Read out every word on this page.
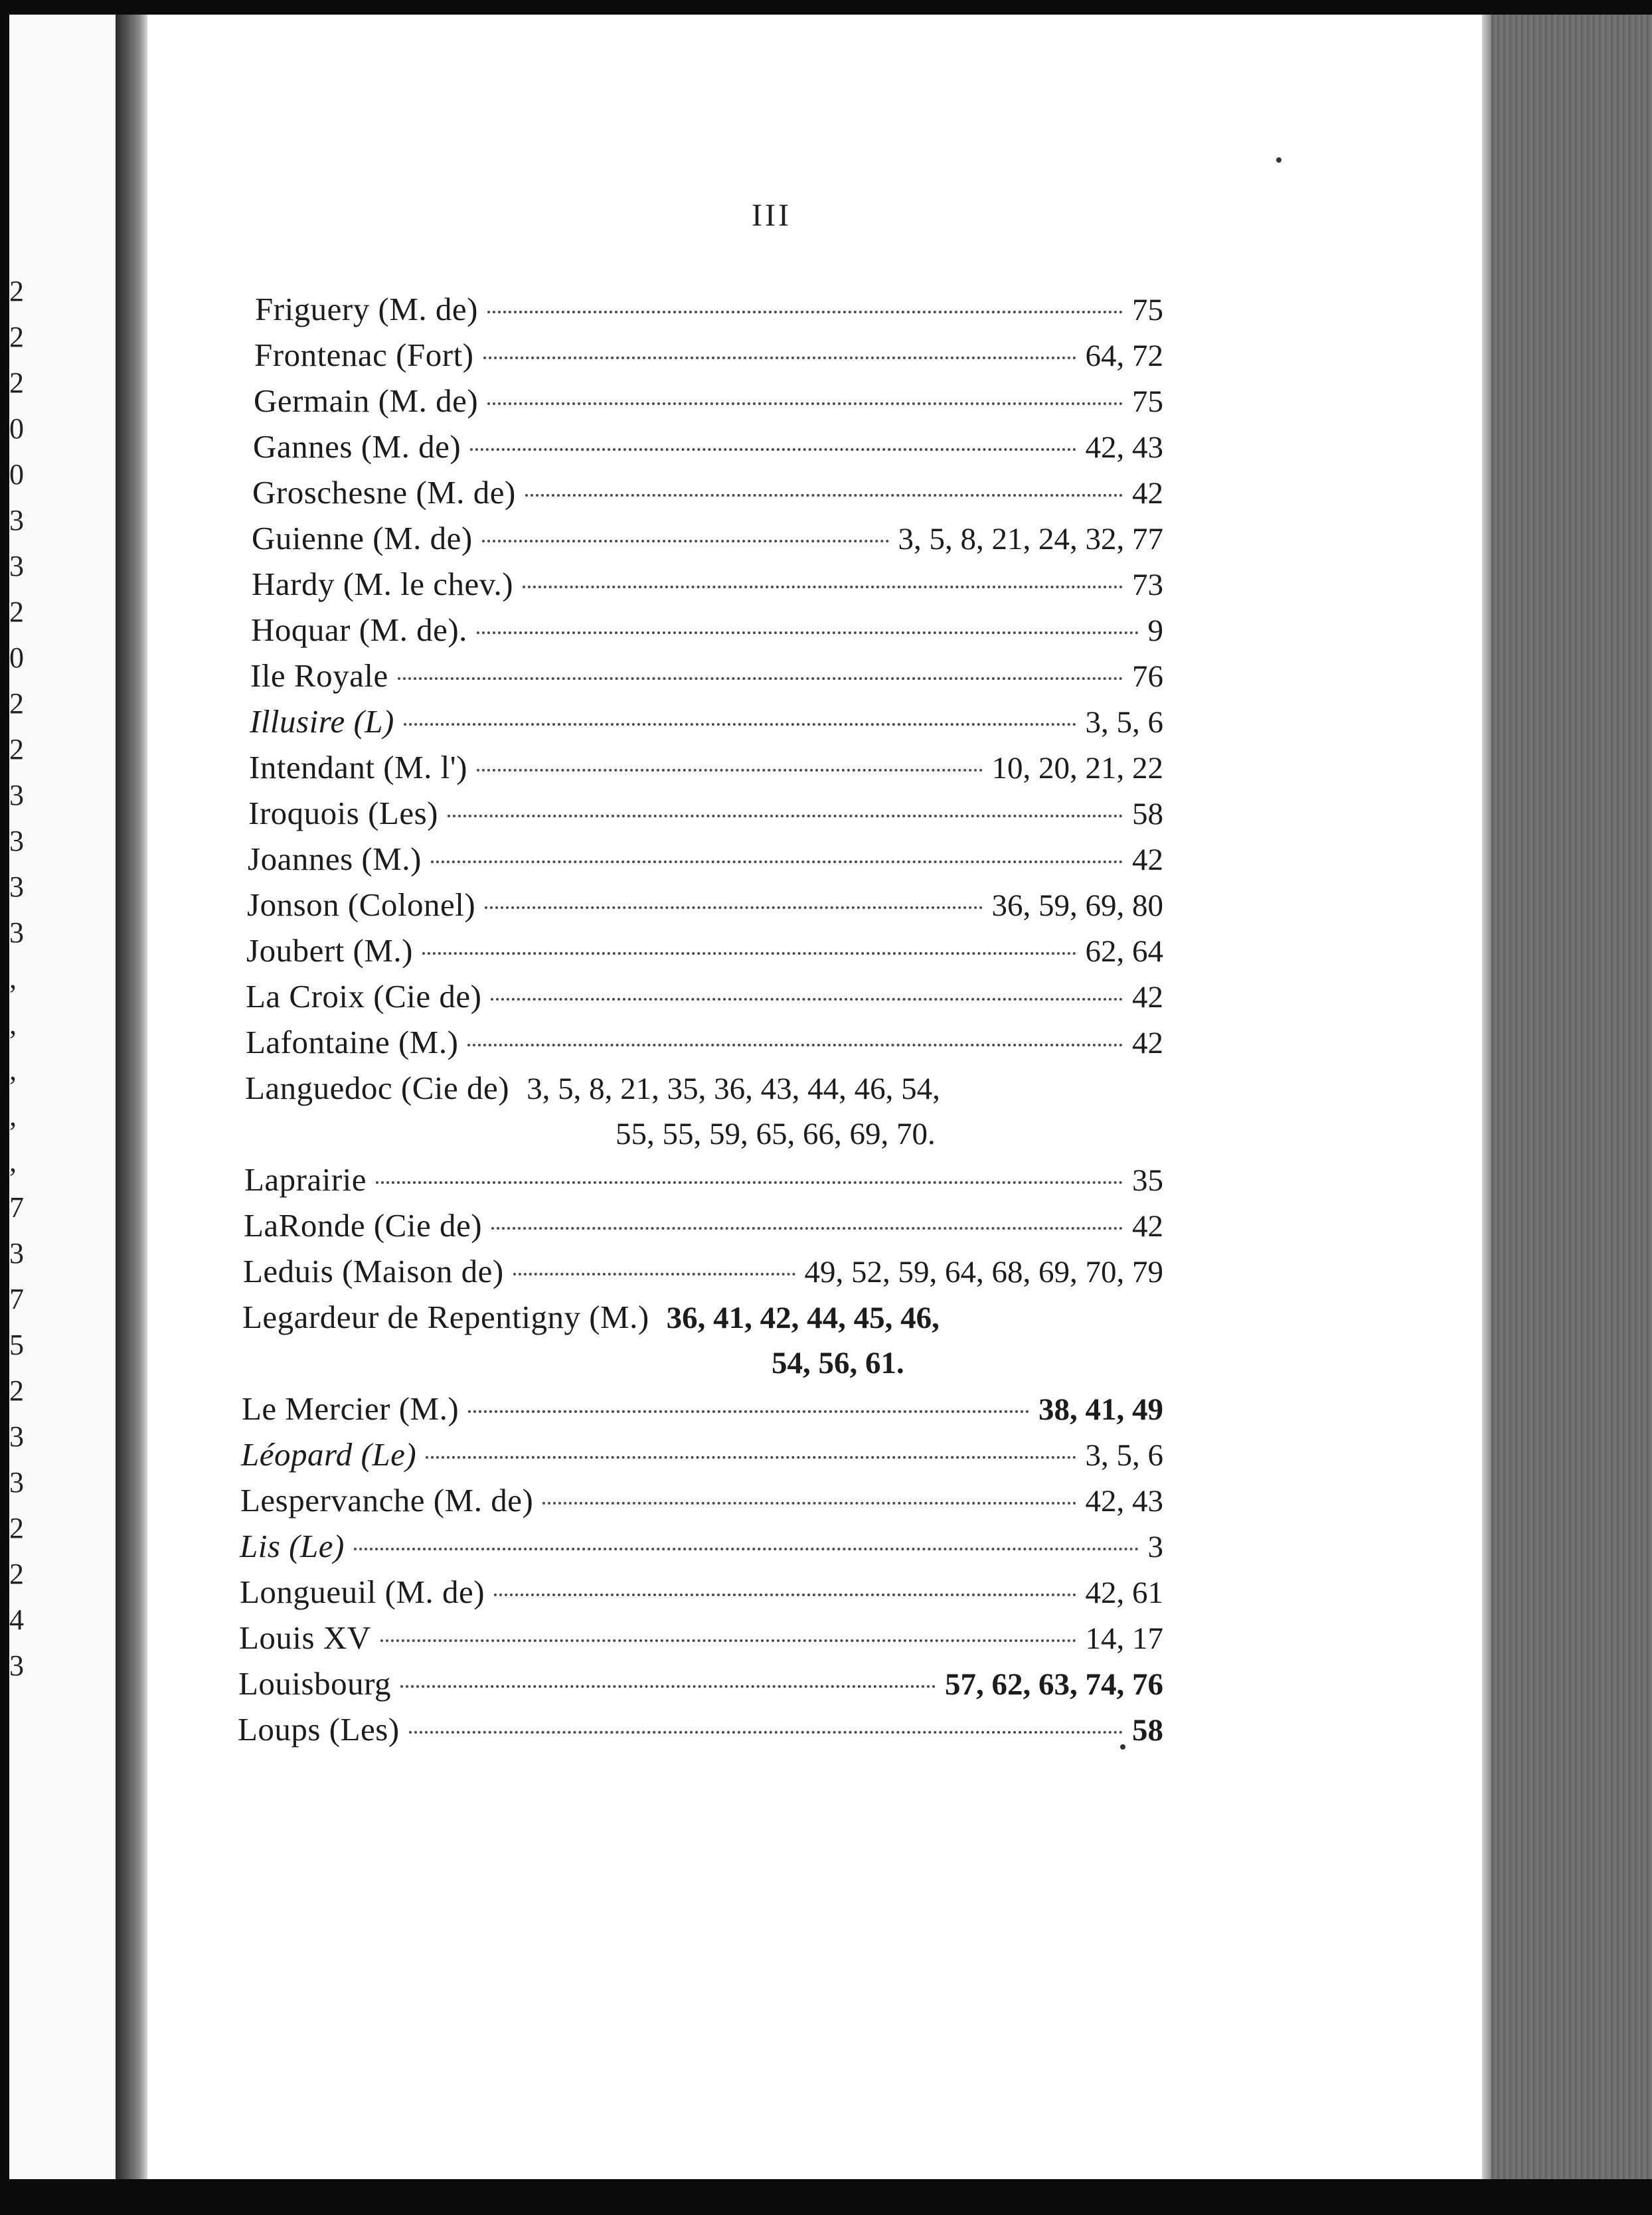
2
2
2
0
0
3
3
2
0
2
2
3
3
3
3
,
,
,
,
,
7
3
7
5
2
3
3
2
2
4
3
III
Friguery (M. de)	75
Frontenac (Fort)	64, 72
Germain (M. de)	75
Gannes (M. de)	42, 43
Groschesne (M. de)	42
Guienne (M. de)	3, 5, 8, 21, 24, 32, 77
Hardy (M. le chev.)	73
Hoquar (M. de).	9
Ile Royale	76
Illusire (L)	3, 5, 6
Intendant (M. l')	10, 20, 21, 22
Iroquois (Les)	58
Joannes (M.)	42
Jonson (Colonel)	36, 59, 69, 80
Joubert (M.)	62, 64
La Croix (Cie de)	42
Lafontaine (M.)	42
Languedoc (Cie de) 3, 5, 8, 21, 35, 36, 43, 44, 46, 54,
55, 55, 59, 65, 66, 69, 70.
Laprairie	35
LaRonde (Cie de)	42
Leduis (Maison de)	49, 52, 59, 64, 68, 69, 70, 79
Legardeur de Repentigny (M.) 36, 41, 42, 44, 45, 46,
54, 56, 61.
Le Mercier (M.)	38, 41, 49
Léopard (Le)	3, 5, 6
Lespervanche (M. de)	42, 43
Lis (Le)	3
Longueuil (M. de)	42, 61
Louis XV	14, 17
Louisbourg	57, 62, 63, 74, 76
Loups (Les)	58
